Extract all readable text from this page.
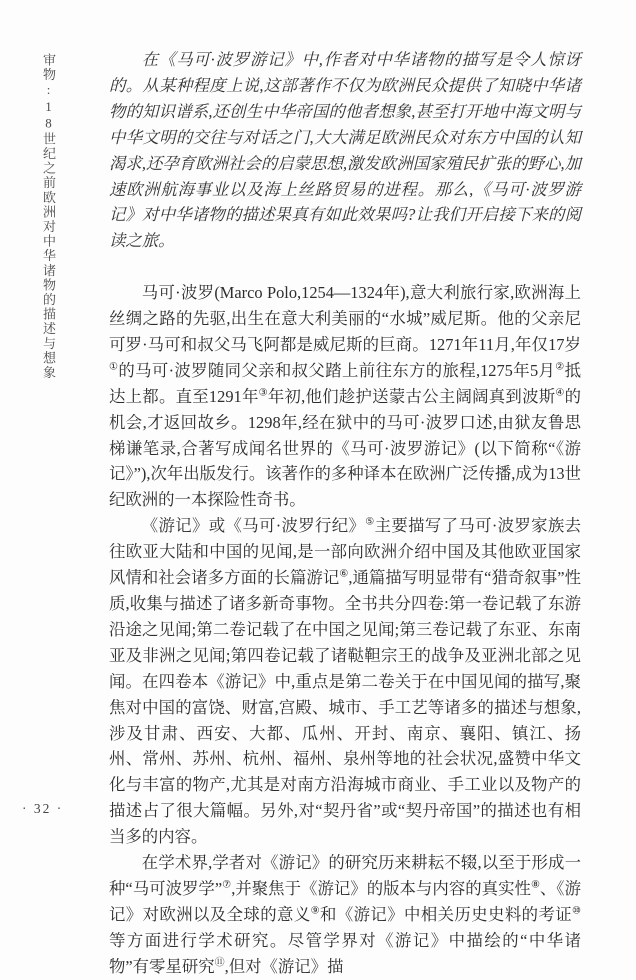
审物:18世纪之前欧洲对中华诸物的描述与想象
· 32 ·

在《马可·波罗游记》中,作者对中华诸物的描写是令人惊讶的。从某种程度上说,这部著作不仅为欧洲民众提供了知晓中华诸物的知识谱系,还创生中华帝国的他者想象,甚至打开地中海文明与中华文明的交往与对话之门,大大满足欧洲民众对东方中国的认知渴求,还孕育欧洲社会的启蒙思想,激发欧洲国家殖民扩张的野心,加速欧洲航海事业以及海上丝路贸易的进程。那么,《马可·波罗游记》对中华诸物的描述果真有如此效果吗?让我们开启接下来的阅读之旅。

马可·波罗(Marco Polo,1254—1324年),意大利旅行家,欧洲海上丝绸之路的先驱,出生在意大利美丽的“水城”威尼斯。他的父亲尼可罗·马可和叔父马飞阿都是威尼斯的巨商。1271年11月,年仅17岁①的马可·波罗随同父亲和叔父踏上前往东方的旅程,1275年5月②抵达上都。直至1291年③年初,他们趁护送蒙古公主阔阔真到波斯④的机会,才返回故乡。1298年,经在狱中的马可·波罗口述,由狱友鲁思梯谦笔录,合著写成闻名世界的《马可·波罗游记》(以下简称“《游记》”),次年出版发行。该著作的多种译本在欧洲广泛传播,成为13世纪欧洲的一本探险性奇书。

《游记》或《马可·波罗行纪》⑤主要描写了马可·波罗家族去往欧亚大陆和中国的见闻,是一部向欧洲介绍中国及其他欧亚国家风情和社会诸多方面的长篇游记⑥,通篇描写明显带有“猎奇叙事”性质,收集与描述了诸多新奇事物。全书共分四卷:第一卷记载了东游沿途之见闻;第二卷记载了在中国之见闻;第三卷记载了东亚、东南亚及非洲之见闻;第四卷记载了诸鞑靼宗王的战争及亚洲北部之见闻。在四卷本《游记》中,重点是第二卷关于在中国见闻的描写,聚焦对中国的富饶、财富,宫殿、城市、手工艺等诸多的描述与想象,涉及甘肃、西安、大都、瓜州、开封、南京、襄阳、镇江、扬州、常州、苏州、杭州、福州、泉州等地的社会状况,盛赞中华文化与丰富的物产,尤其是对南方沿海城市商业、手工业以及物产的描述占了很大篇幅。另外,对“契丹省”或“契丹帝国”的描述也有相当多的内容。

在学术界,学者对《游记》的研究历来耕耘不辍,以至于形成一种“马可波罗学”⑦,并聚焦于《游记》的版本与内容的真实性⑧、《游记》对欧洲以及全球的意义⑨和《游记》中相关历史史料的考证⑩等方面进行学术研究。尽管学界对《游记》中描绘的“中华诸物”有零星研究⑪,但对《游记》描
